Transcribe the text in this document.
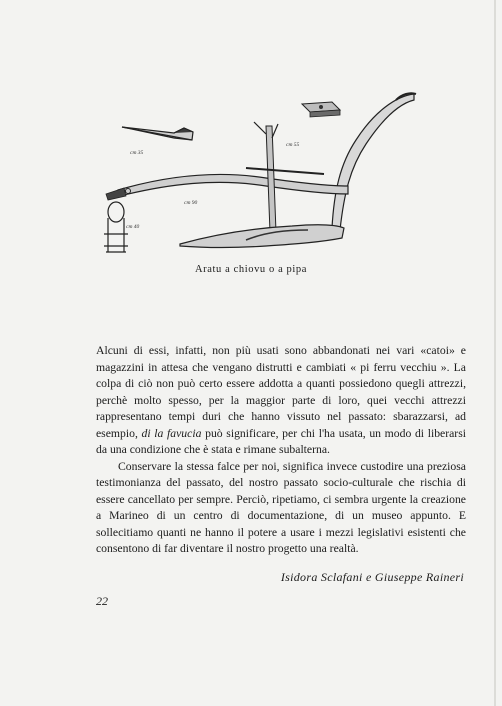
cm 35
cm 55
cm 90
cm 40
Aratu a chiovu o a pipa

Alcuni di essi, infatti, non più usati sono abbandonati nei vari «catoi» e magazzini in attesa che vengano distrutti e cambiati « pi ferru vecchiu ». La colpa di ciò non può certo essere addotta a quanti possiedono quegli attrezzi, perchè molto spesso, per la maggior parte di loro, quei vecchi attrezzi rappresentano tempi duri che hanno vissuto nel passato: sbarazzarsi, ad esempio, di la favucia può significare, per chi l'ha usata, un modo di liberarsi da una condizione che è stata e rimane subalterna.

Conservare la stessa falce per noi, significa invece custodire una preziosa testimonianza del passato, del nostro passato socio-culturale che rischia di essere cancellato per sempre. Perciò, ripetiamo, ci sembra urgente la creazione a Marineo di un centro di documentazione, di un museo appunto. E sollecitiamo quanti ne hanno il potere a usare i mezzi legislativi esistenti che consentono di far diventare il nostro progetto una realtà.

Isidora Sclafani e Giuseppe Raineri
22
